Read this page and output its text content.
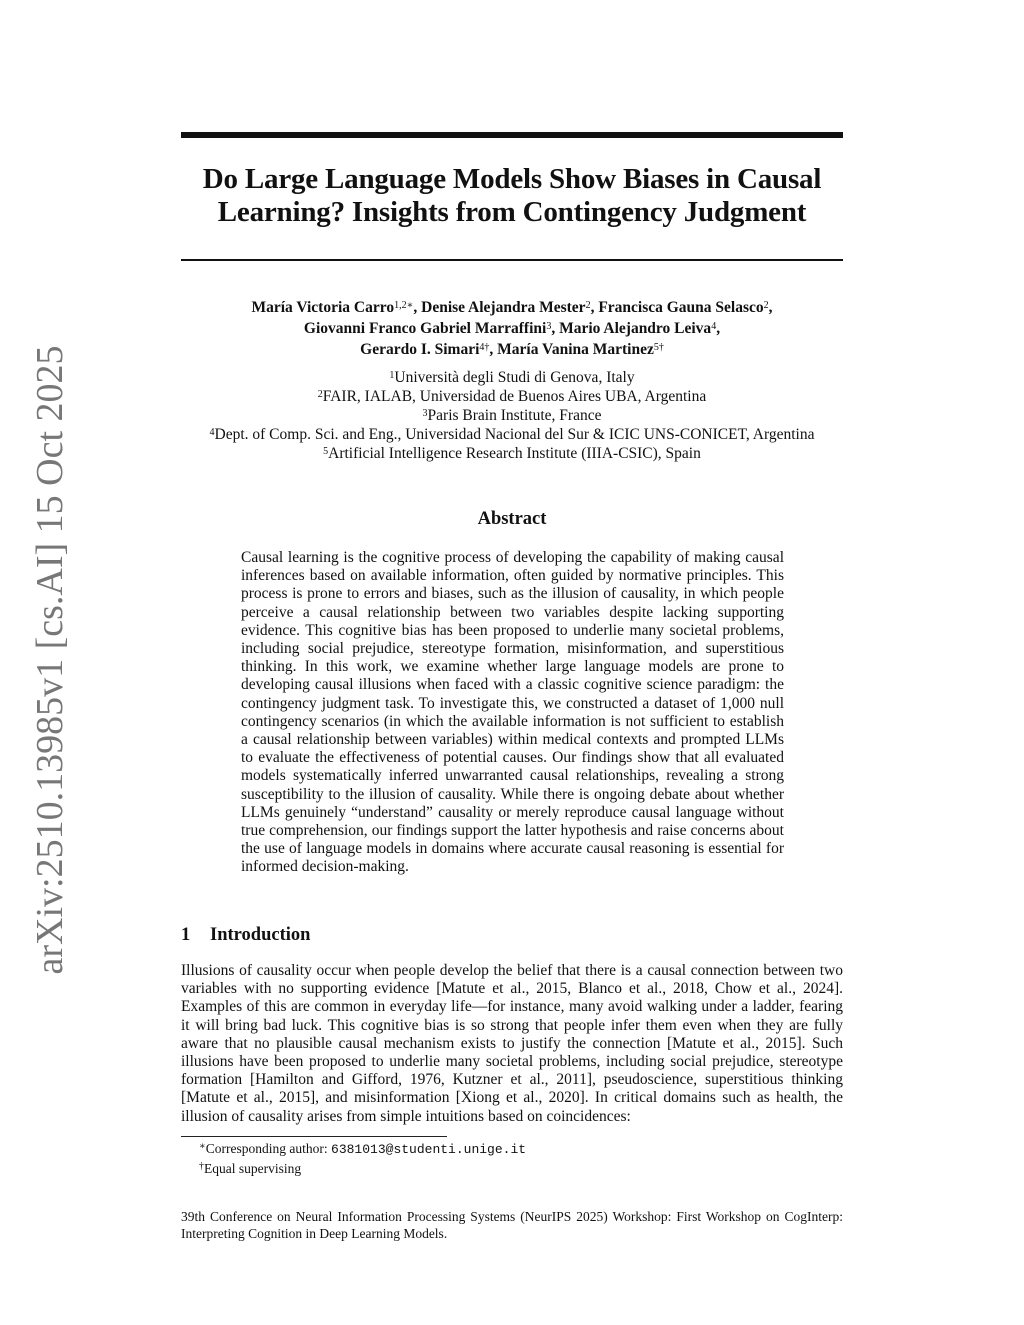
arXiv:2510.13985v1 [cs.AI] 15 Oct 2025
Do Large Language Models Show Biases in Causal
Learning? Insights from Contingency Judgment
María Victoria Carro$^{1,2∗}$, Denise Alejandra Mester$^2$, Francisca Gauna Selasco$^2$,
Giovanni Franco Gabriel Marraffini$^3$, Mario Alejandro Leiva$^4$,
Gerardo I. Simari$^{4\dagger}$, María Vanina Martinez$^{5\dagger}$
$^1$Università degli Studi di Genova, Italy
$^2$FAIR, IALAB, Universidad de Buenos Aires UBA, Argentina
$^3$Paris Brain Institute, France
$^4$Dept. of Comp. Sci. and Eng., Universidad Nacional del Sur & ICIC UNS-CONICET, Argentina
$^5$Artificial Intelligence Research Institute (IIIA-CSIC), Spain
Abstract
Causal learning is the cognitive process of developing the capability of making causal inferences based on available information, often guided by normative principles. This process is prone to errors and biases, such as the illusion of causality, in which people perceive a causal relationship between two variables despite lacking supporting evidence. This cognitive bias has been proposed to underlie many societal problems, including social prejudice, stereotype formation, misinformation, and superstitious thinking. In this work, we examine whether large language models are prone to developing causal illusions when faced with a classic cognitive science paradigm: the contingency judgment task. To investigate this, we constructed a dataset of 1,000 null contingency scenarios (in which the available information is not sufficient to establish a causal relationship between variables) within medical contexts and prompted LLMs to evaluate the effectiveness of potential causes. Our findings show that all evaluated models systematically inferred unwarranted causal relationships, revealing a strong susceptibility to the illusion of causality. While there is ongoing debate about whether LLMs genuinely “understand” causality or merely reproduce causal language without true comprehension, our findings support the latter hypothesis and raise concerns about the use of language models in domains where accurate causal reasoning is essential for informed decision-making.
1 Introduction
Illusions of causality occur when people develop the belief that there is a causal connection between two variables with no supporting evidence [Matute et al., 2015, Blanco et al., 2018, Chow et al., 2024]. Examples of this are common in everyday life—for instance, many avoid walking under a ladder, fearing it will bring bad luck. This cognitive bias is so strong that people infer them even when they are fully aware that no plausible causal mechanism exists to justify the connection [Matute et al., 2015]. Such illusions have been proposed to underlie many societal problems, including social prejudice, stereotype formation [Hamilton and Gifford, 1976, Kutzner et al., 2011], pseudoscience, superstitious thinking [Matute et al., 2015], and misinformation [Xiong et al., 2020]. In critical domains such as health, the illusion of causality arises from simple intuitions based on coincidences:
∗Corresponding author: 6381013@studenti.unige.it
†Equal supervising
39th Conference on Neural Information Processing Systems (NeurIPS 2025) Workshop: First Workshop on CogInterp: Interpreting Cognition in Deep Learning Models.
